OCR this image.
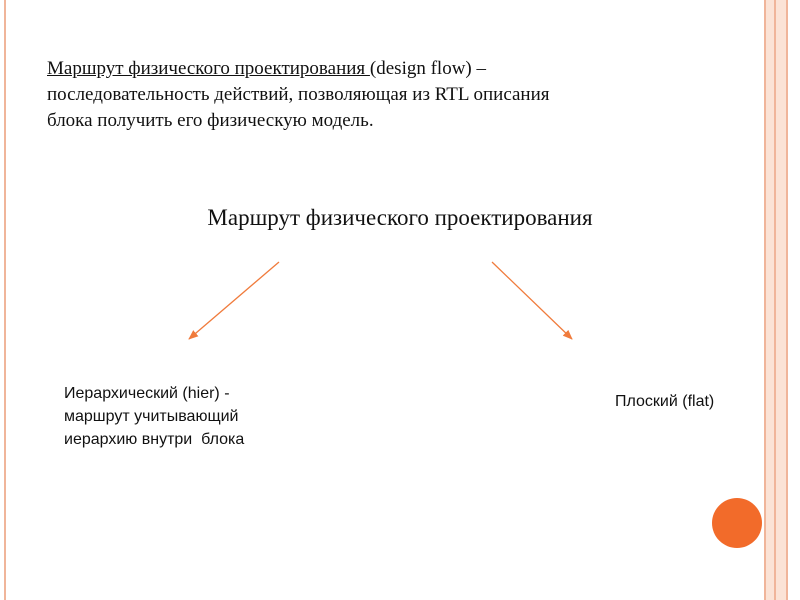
Маршрут физического проектирования (design flow) –
последовательность действий, позволяющая из RTL описания
блока получить его физическую модель.
Маршрут физического проектирования
Иерархический (hier) -
маршрут учитывающий
иерархию внутри  блока
Плоский (flat)
